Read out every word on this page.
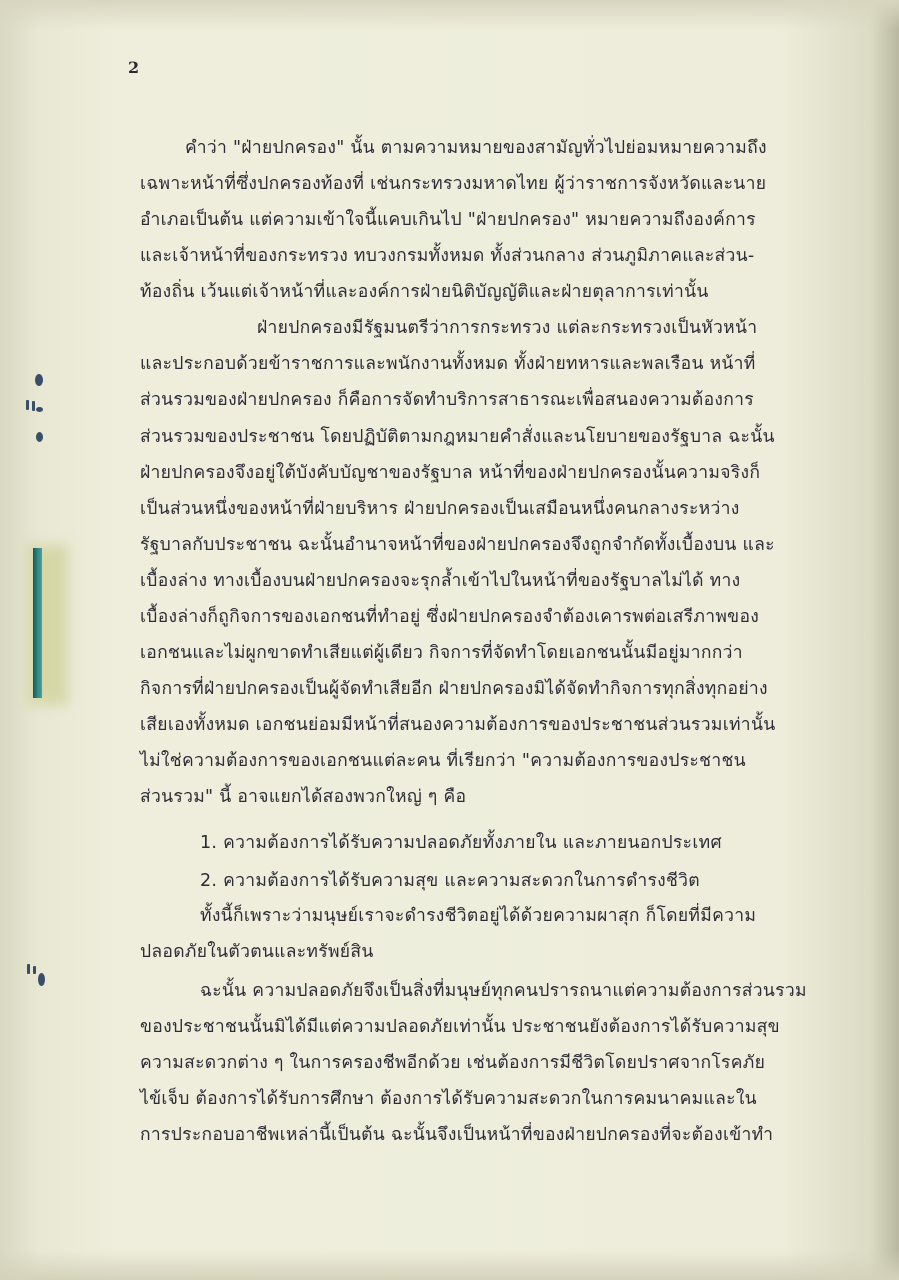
2
คำว่า "ฝ่ายปกครอง" นั้น ตามความหมายของสามัญทั่วไปย่อมหมายความถึง
เฉพาะหน้าที่ซึ่งปกครองท้องที่ เช่นกระทรวงมหาดไทย ผู้ว่าราชการจังหวัดและนาย
อำเภอเป็นต้น แต่ความเข้าใจนี้แคบเกินไป "ฝ่ายปกครอง" หมายความถึงองค์การ
และเจ้าหน้าที่ของกระทรวง ทบวงกรมทั้งหมด ทั้งส่วนกลาง ส่วนภูมิภาคและส่วน-
ท้องถิ่น เว้นแต่เจ้าหน้าที่และองค์การฝ่ายนิติบัญญัติและฝ่ายตุลาการเท่านั้น
ฝ่ายปกครองมีรัฐมนตรีว่าการกระทรวง แต่ละกระทรวงเป็นหัวหน้า
และประกอบด้วยข้าราชการและพนักงานทั้งหมด ทั้งฝ่ายทหารและพลเรือน หน้าที่
ส่วนรวมของฝ่ายปกครอง ก็คือการจัดทำบริการสาธารณะเพื่อสนองความต้องการ
ส่วนรวมของประชาชน โดยปฏิบัติตามกฎหมายคำสั่งและนโยบายของรัฐบาล ฉะนั้น
ฝ่ายปกครองจึงอยู่ใต้บังคับบัญชาของรัฐบาล หน้าที่ของฝ่ายปกครองนั้นความจริงก็
เป็นส่วนหนึ่งของหน้าที่ฝ่ายบริหาร ฝ่ายปกครองเป็นเสมือนหนึ่งคนกลางระหว่าง
รัฐบาลกับประชาชน ฉะนั้นอำนาจหน้าที่ของฝ่ายปกครองจึงถูกจำกัดทั้งเบื้องบน และ
เบื้องล่าง ทางเบื้องบนฝ่ายปกครองจะรุกล้ำเข้าไปในหน้าที่ของรัฐบาลไม่ได้ ทาง
เบื้องล่างก็ถูกิจการของเอกชนที่ทำอยู่ ซึ่งฝ่ายปกครองจำต้องเคารพต่อเสรีภาพของ
เอกชนและไม่ผูกขาดทำเสียแต่ผู้เดียว กิจการที่จัดทำโดยเอกชนนั้นมีอยู่มากกว่า
กิจการที่ฝ่ายปกครองเป็นผู้จัดทำเสียอีก ฝ่ายปกครองมิได้จัดทำกิจการทุกสิ่งทุกอย่าง
เสียเองทั้งหมด เอกชนย่อมมีหน้าที่สนองความต้องการของประชาชนส่วนรวมเท่านั้น
ไม่ใช่ความต้องการของเอกชนแต่ละคน ที่เรียกว่า "ความต้องการของประชาชน
ส่วนรวม" นี้ อาจแยกได้สองพวกใหญ่ ๆ คือ
1. ความต้องการได้รับความปลอดภัยทั้งภายใน และภายนอกประเทศ
2. ความต้องการได้รับความสุข และความสะดวกในการดำรงชีวิต
ทั้งนี้ก็เพราะว่ามนุษย์เราจะดำรงชีวิตอยู่ได้ด้วยความผาสุก ก็โดยที่มีความ
ปลอดภัยในตัวตนและทรัพย์สิน
ฉะนั้น ความปลอดภัยจึงเป็นสิ่งที่มนุษย์ทุกคนปรารถนาแต่ความต้องการส่วนรวม
ของประชาชนนั้นมิได้มีแต่ความปลอดภัยเท่านั้น ประชาชนยังต้องการได้รับความสุข
ความสะดวกต่าง ๆ ในการครองชีพอีกด้วย เช่นต้องการมีชีวิตโดยปราศจากโรคภัย
ไข้เจ็บ ต้องการได้รับการศึกษา ต้องการได้รับความสะดวกในการคมนาคมและใน
การประกอบอาชีพเหล่านี้เป็นต้น ฉะนั้นจึงเป็นหน้าที่ของฝ่ายปกครองที่จะต้องเข้าทำ
